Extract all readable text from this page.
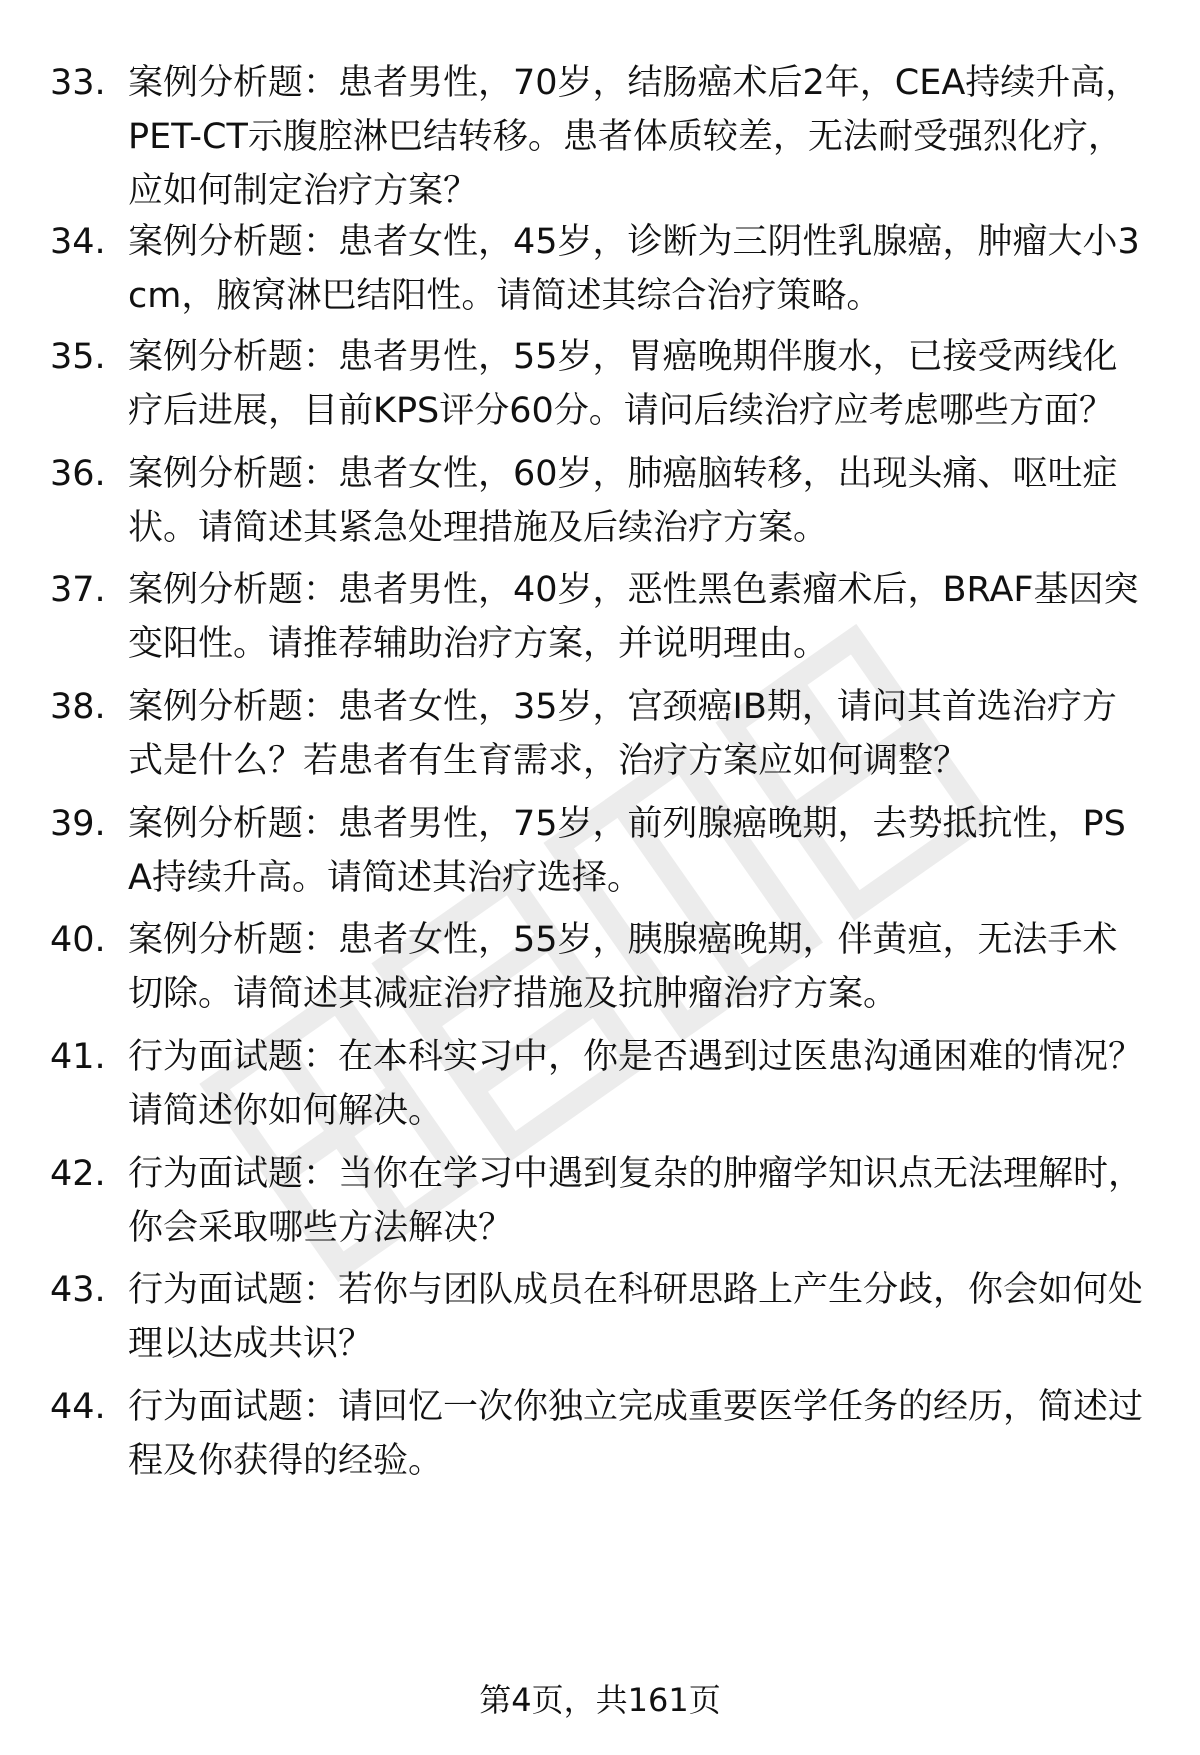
33. 案例分析题：患者男性，70岁，结肠癌术后2年，CEA持续升高，PET-CT示腹腔淋巴结转移。患者体质较差，无法耐受强烈化疗，应如何制定治疗方案？
34. 案例分析题：患者女性，45岁，诊断为三阴性乳腺癌，肿瘤大小3cm，腋窝淋巴结阳性。请简述其综合治疗策略。
35. 案例分析题：患者男性，55岁，胃癌晚期伴腹水，已接受两线化疗后进展，目前KPS评分60分。请问后续治疗应考虑哪些方面？
36. 案例分析题：患者女性，60岁，肺癌脑转移，出现头痛、呕吐症状。请简述其紧急处理措施及后续治疗方案。
37. 案例分析题：患者男性，40岁，恶性黑色素瘤术后，BRAF基因突变阳性。请推荐辅助治疗方案，并说明理由。
38. 案例分析题：患者女性，35岁，宫颈癌ⅠB期，请问其首选治疗方式是什么？若患者有生育需求，治疗方案应如何调整？
39. 案例分析题：患者男性，75岁，前列腺癌晚期，去势抵抗性，PSA持续升高。请简述其治疗选择。
40. 案例分析题：患者女性，55岁，胰腺癌晚期，伴黄疸，无法手术切除。请简述其减症治疗措施及抗肿瘤治疗方案。
41. 行为面试题：在本科实习中，你是否遇到过医患沟通困难的情况？请简述你如何解决。
42. 行为面试题：当你在学习中遇到复杂的肿瘤学知识点无法理解时，你会采取哪些方法解决？
43. 行为面试题：若你与团队成员在科研思路上产生分歧，你会如何处理以达成共识？
44. 行为面试题：请回忆一次你独立完成重要医学任务的经历，简述过程及你获得的经验。
第4页，共161页
